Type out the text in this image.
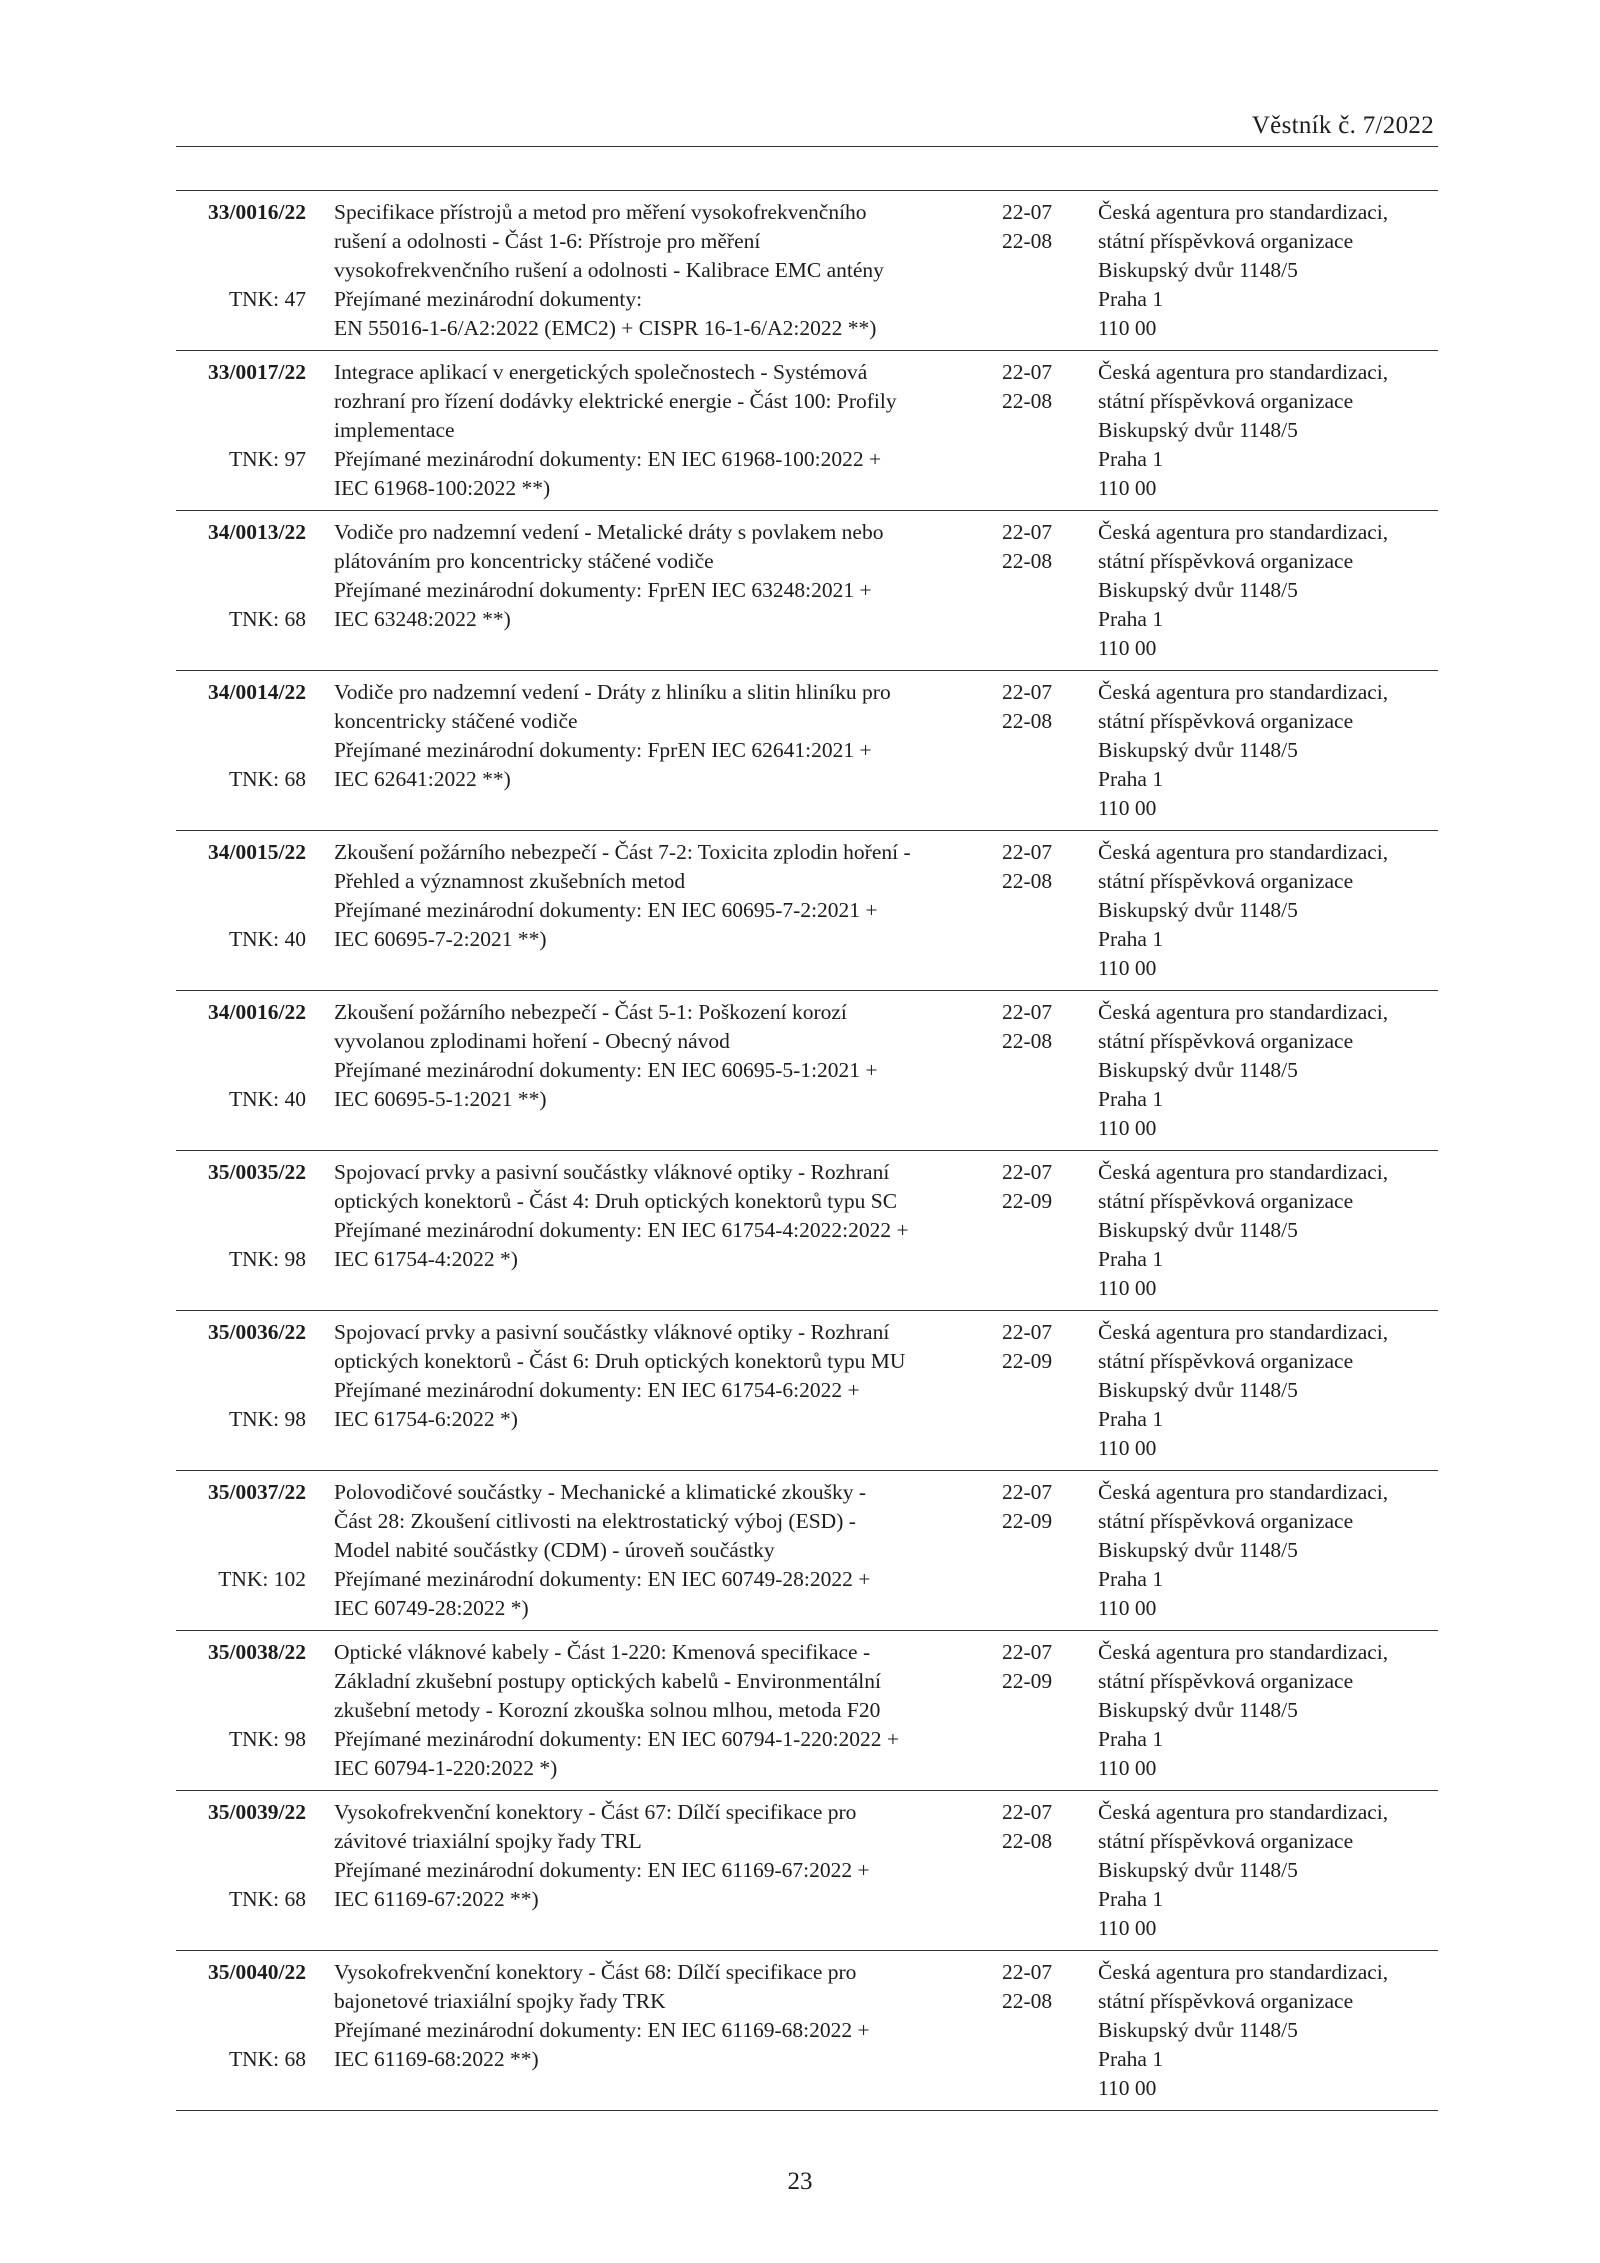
Věstník č. 7/2022
33/0016/22
TNK: 47
Specifikace přístrojů a metod pro měření vysokofrekvenčního
rušení a odolnosti - Část 1-6: Přístroje pro měření
vysokofrekvenčního rušení a odolnosti - Kalibrace EMC antény
Přejímané mezinárodní dokumenty:
EN 55016-1-6/A2:2022 (EMC2) + CISPR 16-1-6/A2:2022 **)
22-07
22-08
Česká agentura pro standardizaci,
státní příspěvková organizace
Biskupský dvůr 1148/5
Praha 1
110 00
33/0017/22
TNK: 97
Integrace aplikací v energetických společnostech - Systémová
rozhraní pro řízení dodávky elektrické energie - Část 100: Profily
implementace
Přejímané mezinárodní dokumenty: EN IEC 61968-100:2022 +
IEC 61968-100:2022 **)
22-07
22-08
Česká agentura pro standardizaci,
státní příspěvková organizace
Biskupský dvůr 1148/5
Praha 1
110 00
34/0013/22
TNK: 68
Vodiče pro nadzemní vedení - Metalické dráty s povlakem nebo
plátováním pro koncentricky stáčené vodiče
Přejímané mezinárodní dokumenty: FprEN IEC 63248:2021 +
IEC 63248:2022 **)
22-07
22-08
Česká agentura pro standardizaci,
státní příspěvková organizace
Biskupský dvůr 1148/5
Praha 1
110 00
34/0014/22
TNK: 68
Vodiče pro nadzemní vedení - Dráty z hliníku a slitin hliníku pro
koncentricky stáčené vodiče
Přejímané mezinárodní dokumenty: FprEN IEC 62641:2021 +
IEC 62641:2022 **)
22-07
22-08
Česká agentura pro standardizaci,
státní příspěvková organizace
Biskupský dvůr 1148/5
Praha 1
110 00
34/0015/22
TNK: 40
Zkoušení požárního nebezpečí - Část 7-2: Toxicita zplodin hoření -
Přehled a významnost zkušebních metod
Přejímané mezinárodní dokumenty: EN IEC 60695-7-2:2021 +
IEC 60695-7-2:2021 **)
22-07
22-08
Česká agentura pro standardizaci,
státní příspěvková organizace
Biskupský dvůr 1148/5
Praha 1
110 00
34/0016/22
TNK: 40
Zkoušení požárního nebezpečí - Část 5-1: Poškození korozí
vyvolanou zplodinami hoření - Obecný návod
Přejímané mezinárodní dokumenty: EN IEC 60695-5-1:2021 +
IEC 60695-5-1:2021 **)
22-07
22-08
Česká agentura pro standardizaci,
státní příspěvková organizace
Biskupský dvůr 1148/5
Praha 1
110 00
35/0035/22
TNK: 98
Spojovací prvky a pasivní součástky vláknové optiky - Rozhraní
optických konektorů - Část 4: Druh optických konektorů typu SC
Přejímané mezinárodní dokumenty: EN IEC 61754-4:2022:2022 +
IEC 61754-4:2022 *)
22-07
22-09
Česká agentura pro standardizaci,
státní příspěvková organizace
Biskupský dvůr 1148/5
Praha 1
110 00
35/0036/22
TNK: 98
Spojovací prvky a pasivní součástky vláknové optiky - Rozhraní
optických konektorů - Část 6: Druh optických konektorů typu MU
Přejímané mezinárodní dokumenty: EN IEC 61754-6:2022 +
IEC 61754-6:2022 *)
22-07
22-09
Česká agentura pro standardizaci,
státní příspěvková organizace
Biskupský dvůr 1148/5
Praha 1
110 00
35/0037/22
TNK: 102
Polovodičové součástky - Mechanické a klimatické zkoušky -
Část 28: Zkoušení citlivosti na elektrostatický výboj (ESD) -
Model nabité součástky (CDM) - úroveň součástky
Přejímané mezinárodní dokumenty: EN IEC 60749-28:2022 +
IEC 60749-28:2022 *)
22-07
22-09
Česká agentura pro standardizaci,
státní příspěvková organizace
Biskupský dvůr 1148/5
Praha 1
110 00
35/0038/22
TNK: 98
Optické vláknové kabely - Část 1-220: Kmenová specifikace -
Základní zkušební postupy optických kabelů - Environmentální
zkušební metody - Korozní zkouška solnou mlhou, metoda F20
Přejímané mezinárodní dokumenty: EN IEC 60794-1-220:2022 +
IEC 60794-1-220:2022 *)
22-07
22-09
Česká agentura pro standardizaci,
státní příspěvková organizace
Biskupský dvůr 1148/5
Praha 1
110 00
35/0039/22
TNK: 68
Vysokofrekvenční konektory - Část 67: Dílčí specifikace pro
závitové triaxiální spojky řady TRL
Přejímané mezinárodní dokumenty: EN IEC 61169-67:2022 +
IEC 61169-67:2022 **)
22-07
22-08
Česká agentura pro standardizaci,
státní příspěvková organizace
Biskupský dvůr 1148/5
Praha 1
110 00
35/0040/22
TNK: 68
Vysokofrekvenční konektory - Část 68: Dílčí specifikace pro
bajonetové triaxiální spojky řady TRK
Přejímané mezinárodní dokumenty: EN IEC 61169-68:2022 +
IEC 61169-68:2022 **)
22-07
22-08
Česká agentura pro standardizaci,
státní příspěvková organizace
Biskupský dvůr 1148/5
Praha 1
110 00
23
